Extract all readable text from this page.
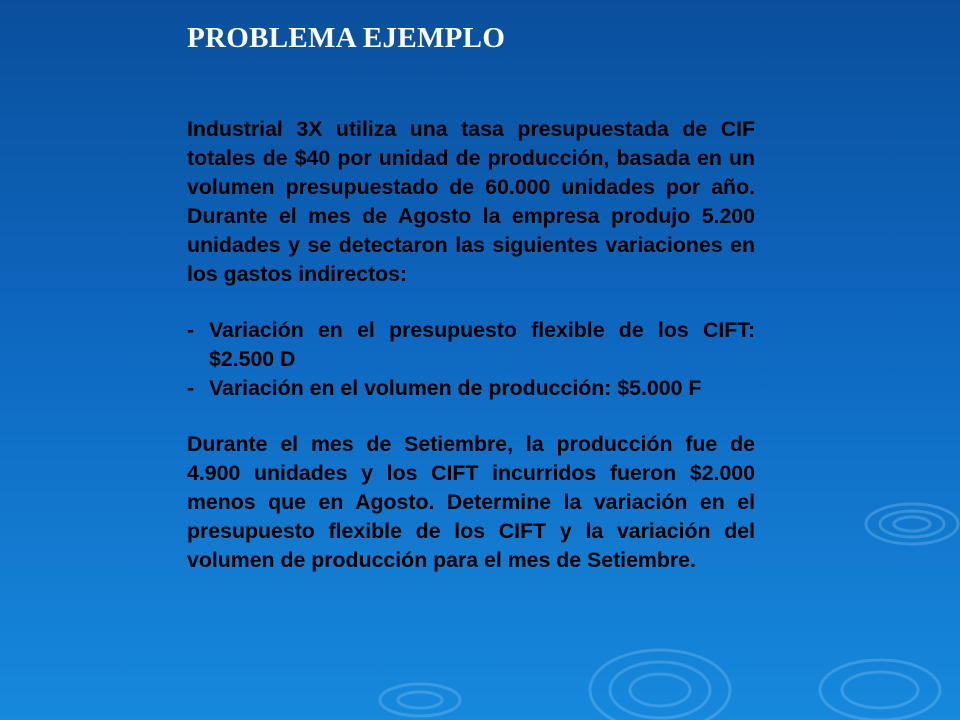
PROBLEMA EJEMPLO

Industrial 3X utiliza una tasa presupuestada de CIF totales de $40 por unidad de producción, basada en un volumen presupuestado de 60.000 unidades por año. Durante el mes de Agosto la empresa produjo 5.200 unidades y se detectaron las siguientes variaciones en los gastos indirectos:

- Variación en el presupuesto flexible de los CIFT: $2.500 D
- Variación en el volumen de producción: $5.000 F

Durante el mes de Setiembre, la producción fue de 4.900 unidades y los CIFT incurridos fueron $2.000 menos que en Agosto. Determine la variación en el presupuesto flexible de los CIFT y la variación del volumen de producción para el mes de Setiembre.
